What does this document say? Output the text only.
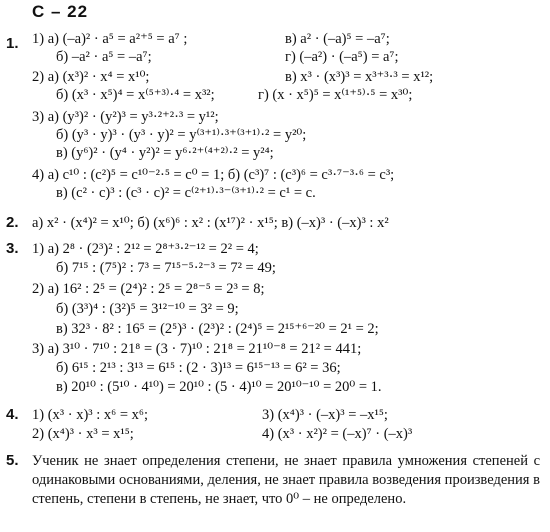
С – 22
1. 1) а) (–а)² · а⁵ = а²⁺⁵ = а⁷ ;	в) а² · (–а)⁵ = –а⁷;
б) –а² · а⁵ = –а⁷;	г) (–а²) · (–а⁵) = а⁷;
2) а) (х³)² · х⁴ = х¹⁰;	в) х³ · (х³)³ = х³⁺³·³ = х¹²;
б) (х³ · х⁵)⁴ = х⁽⁵⁺³⁾·⁴ = х³²;	г) (х · х⁵)⁵ = х⁽¹⁺⁵⁾·⁵ = х³⁰;
3) а) (у³)² · (у²)³ = у³·²⁺²·³ = у¹²;
б) (у³ · у)³ · (у³ · у)² = у⁽³⁺¹⁾·³⁺⁽³⁺¹⁾·² = у²⁰;
в) (у⁶)² · (у⁴ · у²)² = у⁶·²⁺⁽⁴⁺²⁾·² = у²⁴;
4) а) с¹⁰ : (с²)⁵ = с¹⁰⁻²·⁵ = с⁰ = 1; б) (с³)⁷ : (с³)⁶ = с³·⁷⁻³·⁶ = с³;
в) (с² · с)³ : (с³ · с)² = с⁽²⁺¹⁾·³⁻⁽³⁺¹⁾·² = с¹ = с.
2. а) х² · (х⁴)² = х¹⁰; б) (х⁶)⁶ : х² : (х¹⁷)² · х¹⁵; в) (–х)³ · (–х)³ : х²
3. 1) а) 2⁸ · (2³)² : 2¹² = 2⁸⁺³·²⁻¹² = 2² = 4;
б) 7¹⁵ : (7⁵)² : 7³ = 7¹⁵⁻⁵·²⁻³ = 7² = 49;
2) а) 16² : 2⁵ = (2⁴)² : 2⁵ = 2⁸⁻⁵ = 2³ = 8;
б) (3³)⁴ : (3²)⁵ = 3¹²⁻¹⁰ = 3² = 9;
в) 32³ · 8² : 16⁵ = (2⁵)³ · (2³)² : (2⁴)⁵ = 2¹⁵⁺⁶⁻²⁰ = 2¹ = 2;
3) а) 3¹⁰ · 7¹⁰ : 21⁸ = (3 · 7)¹⁰ : 21⁸ = 21¹⁰⁻⁸ = 21² = 441;
б) 6¹⁵ : 2¹³ : 3¹³ = 6¹⁵ : (2 · 3)¹³ = 6¹⁵⁻¹³ = 6² = 36;
в) 20¹⁰ : (5¹⁰ · 4¹⁰) = 20¹⁰ : (5 · 4)¹⁰ = 20¹⁰⁻¹⁰ = 20⁰ = 1.
4. 1) (х³ · х)³ : х⁶ = х⁶;	3) (х⁴)³ · (–х)³ = –х¹⁵;
2) (х⁴)³ · х³ = х¹⁵;	4) (х³ · х²)² = (–х)⁷ · (–х)³
5. Ученик не знает определения степени, не знает правила умножения степеней с одинаковыми основаниями, деления, не знает правила возведения произведения в степень, степени в степень, не знает, что 0⁰ – не определено.
